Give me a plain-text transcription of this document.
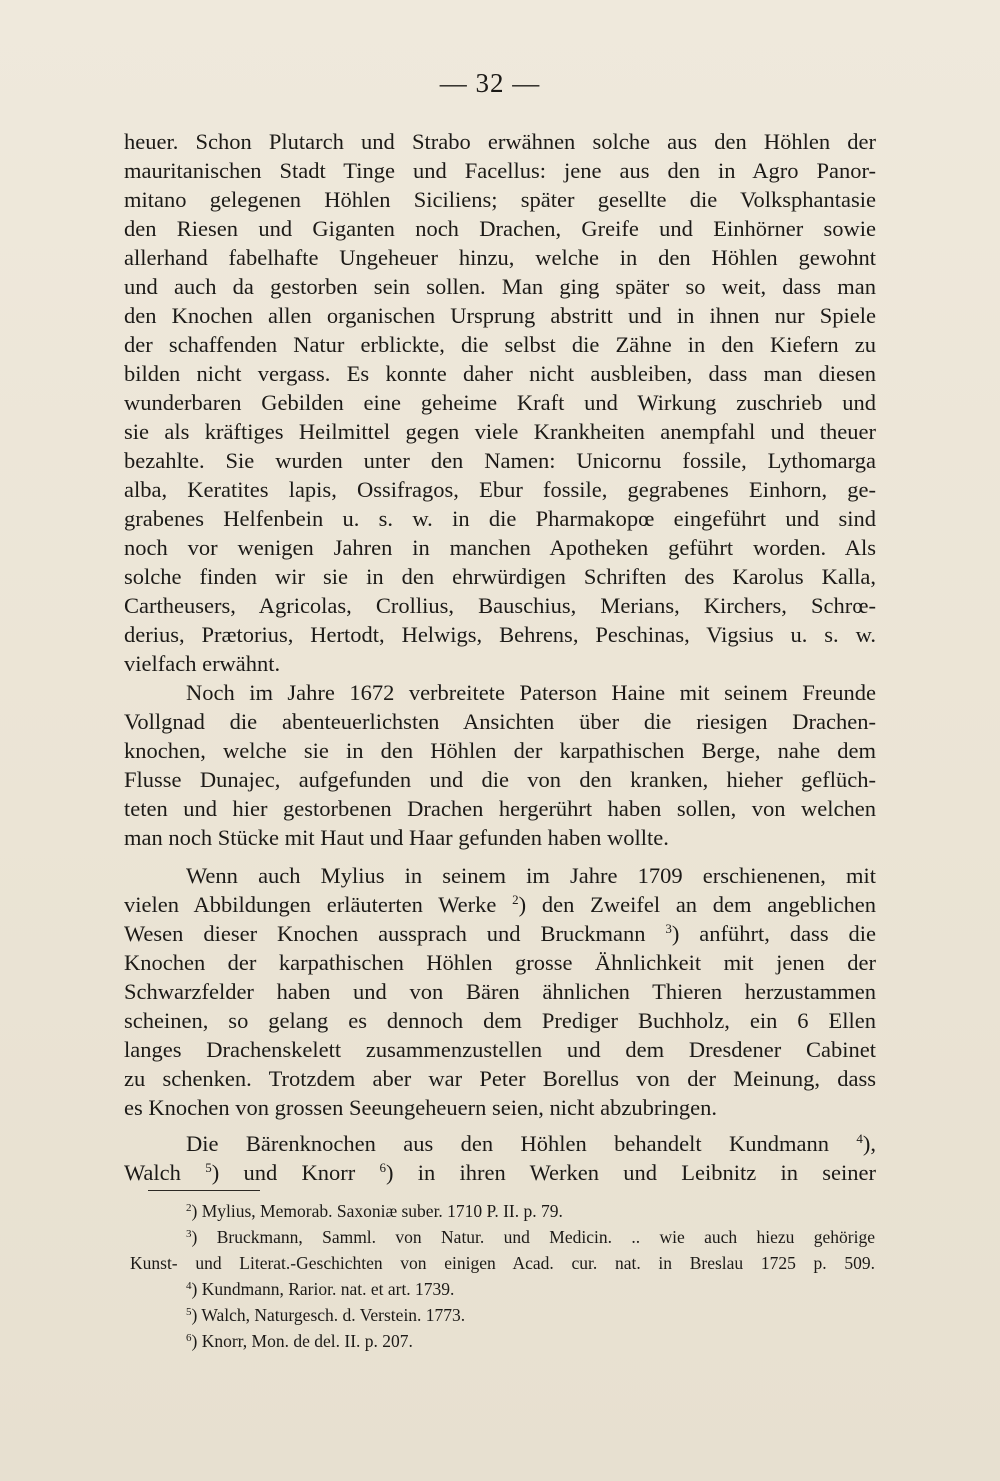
— 32 —
heuer. Schon Plutarch und Strabo erwähnen solche aus den Höhlen der
mauritanischen Stadt Tinge und Facellus: jene aus den in Agro Panor-
mitano gelegenen Höhlen Siciliens; später gesellte die Volksphantasie
den Riesen und Giganten noch Drachen, Greife und Einhörner sowie
allerhand fabelhafte Ungeheuer hinzu, welche in den Höhlen gewohnt
und auch da gestorben sein sollen. Man ging später so weit, dass man
den Knochen allen organischen Ursprung abstritt und in ihnen nur Spiele
der schaffenden Natur erblickte, die selbst die Zähne in den Kiefern zu
bilden nicht vergass. Es konnte daher nicht ausbleiben, dass man diesen
wunderbaren Gebilden eine geheime Kraft und Wirkung zuschrieb und
sie als kräftiges Heilmittel gegen viele Krankheiten anempfahl und theuer
bezahlte. Sie wurden unter den Namen: Unicornu fossile, Lythomarga
alba, Keratites lapis, Ossifragos, Ebur fossile, gegrabenes Einhorn, ge-
grabenes Helfenbein u. s. w. in die Pharmakopœ eingeführt und sind
noch vor wenigen Jahren in manchen Apotheken geführt worden. Als
solche finden wir sie in den ehrwürdigen Schriften des Karolus Kalla,
Cartheusers, Agricolas, Crollius, Bauschius, Merians, Kirchers, Schrœ-
derius, Prætorius, Hertodt, Helwigs, Behrens, Peschinas, Vigsius u. s. w.
vielfach erwähnt.
Noch im Jahre 1672 verbreitete Paterson Haine mit seinem Freunde
Vollgnad die abenteuerlichsten Ansichten über die riesigen Drachen-
knochen, welche sie in den Höhlen der karpathischen Berge, nahe dem
Flusse Dunajec, aufgefunden und die von den kranken, hieher geflüch-
teten und hier gestorbenen Drachen hergerührt haben sollen, von welchen
man noch Stücke mit Haut und Haar gefunden haben wollte.
Wenn auch Mylius in seinem im Jahre 1709 erschienenen, mit
vielen Abbildungen erläuterten Werke $^2$) den Zweifel an dem angeblichen
Wesen dieser Knochen aussprach und Bruckmann $^3$) anführt, dass die
Knochen der karpathischen Höhlen grosse Ähnlichkeit mit jenen der
Schwarzfelder haben und von Bären ähnlichen Thieren herzustammen
scheinen, so gelang es dennoch dem Prediger Buchholz, ein 6 Ellen
langes Drachenskelett zusammenzustellen und dem Dresdener Cabinet
zu schenken. Trotzdem aber war Peter Borellus von der Meinung, dass
es Knochen von grossen Seeungeheuern seien, nicht abzubringen.
Die Bärenknochen aus den Höhlen behandelt Kundmann $^4$),
Walch $^5$) und Knorr $^6$) in ihren Werken und Leibnitz in seiner
$^2$) Mylius, Memorab. Saxoniæ suber. 1710 P. II. p. 79.
$^3$) Bruckmann, Samml. von Natur. und Medicin. .. wie auch hiezu gehörige
Kunst- und Literat.-Geschichten von einigen Acad. cur. nat. in Breslau 1725 p. 509.
$^4$) Kundmann, Rarior. nat. et art. 1739.
$^5$) Walch, Naturgesch. d. Verstein. 1773.
$^6$) Knorr, Mon. de del. II. p. 207.
